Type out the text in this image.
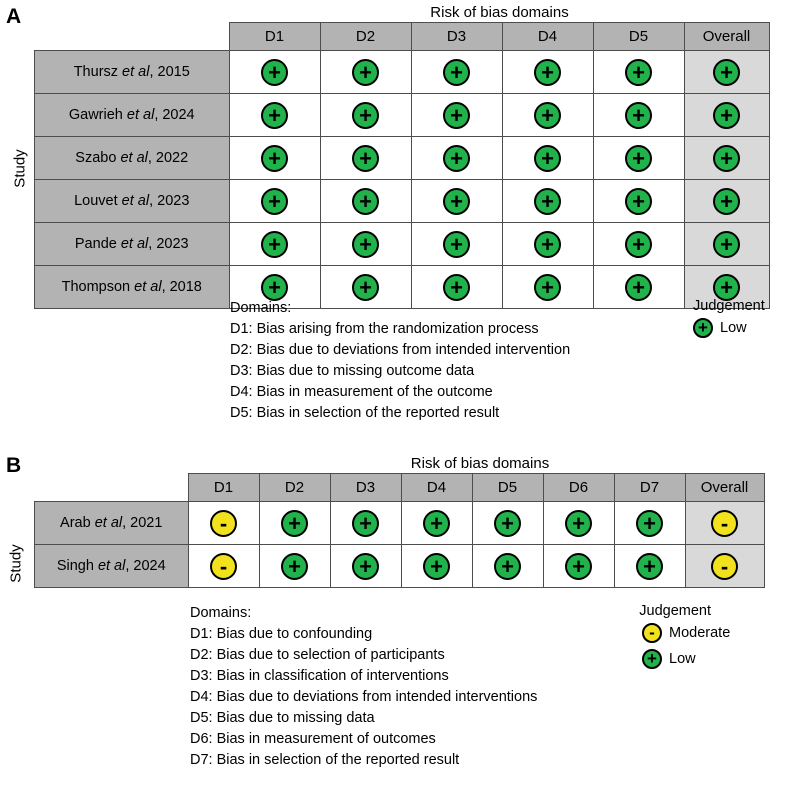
A	Risk of bias domains
Study
	D1	D2	D3	D4	D5	Overall
Thursz et al, 2015	+	+	+	+	+	+
Gawrieh et al, 2024	+	+	+	+	+	+
Szabo et al, 2022	+	+	+	+	+	+
Louvet et al, 2023	+	+	+	+	+	+
Pande et al, 2023	+	+	+	+	+	+
Thompson et al, 2018	+	+	+	+	+	+
Domains:
D1: Bias arising from the randomization process
D2: Bias due to deviations from intended intervention
D3: Bias due to missing outcome data
D4: Bias in measurement of the outcome
D5: Bias in selection of the reported result
Judgement
+ Low
B	Risk of bias domains
Study
	D1	D2	D3	D4	D5	D6	D7	Overall
Arab et al, 2021	-	+	+	+	+	+	+	-
Singh et al, 2024	-	+	+	+	+	+	+	-
Domains:
D1: Bias due to confounding
D2: Bias due to selection of participants
D3: Bias in classification of interventions
D4: Bias due to deviations from intended interventions
D5: Bias due to missing data
D6: Bias in measurement of outcomes
D7: Bias in selection of the reported result
Judgement
- Moderate
+ Low
